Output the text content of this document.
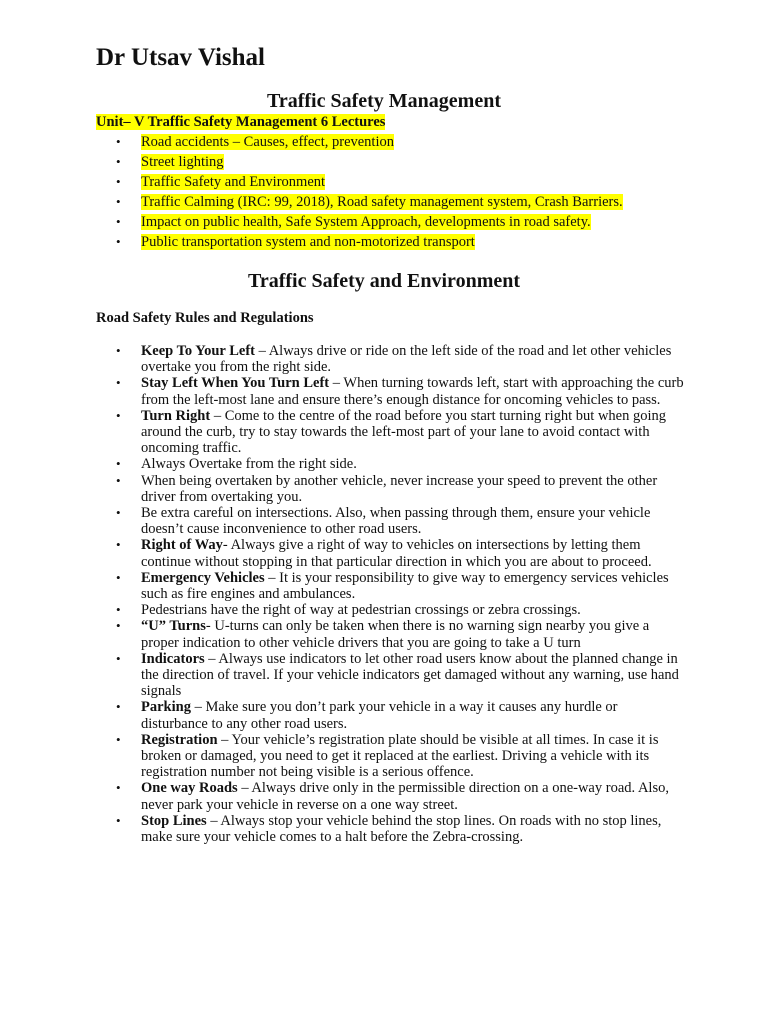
Dr Utsav Vishal
Traffic Safety Management
Unit– V Traffic Safety Management 6 Lectures
• Road accidents – Causes, effect, prevention
• Street lighting
• Traffic Safety and Environment
• Traffic Calming (IRC: 99, 2018), Road safety management system, Crash Barriers.
• Impact on public health, Safe System Approach, developments in road safety.
• Public transportation system and non-motorized transport
Traffic Safety and Environment
Road Safety Rules and Regulations
• Keep To Your Left – Always drive or ride on the left side of the road and let other vehicles overtake you from the right side.
• Stay Left When You Turn Left – When turning towards left, start with approaching the curb from the left-most lane and ensure there’s enough distance for oncoming vehicles to pass.
• Turn Right – Come to the centre of the road before you start turning right but when going around the curb, try to stay towards the left-most part of your lane to avoid contact with oncoming traffic.
• Always Overtake from the right side.
• When being overtaken by another vehicle, never increase your speed to prevent the other driver from overtaking you.
• Be extra careful on intersections. Also, when passing through them, ensure your vehicle doesn’t cause inconvenience to other road users.
• Right of Way- Always give a right of way to vehicles on intersections by letting them continue without stopping in that particular direction in which you are about to proceed.
• Emergency Vehicles – It is your responsibility to give way to emergency services vehicles such as fire engines and ambulances.
• Pedestrians have the right of way at pedestrian crossings or zebra crossings.
• “U” Turns- U-turns can only be taken when there is no warning sign nearby you give a proper indication to other vehicle drivers that you are going to take a U turn
• Indicators – Always use indicators to let other road users know about the planned change in the direction of travel. If your vehicle indicators get damaged without any warning, use hand signals
• Parking – Make sure you don’t park your vehicle in a way it causes any hurdle or disturbance to any other road users.
• Registration – Your vehicle’s registration plate should be visible at all times. In case it is broken or damaged, you need to get it replaced at the earliest. Driving a vehicle with its registration number not being visible is a serious offence.
• One way Roads – Always drive only in the permissible direction on a one-way road. Also, never park your vehicle in reverse on a one way street.
• Stop Lines – Always stop your vehicle behind the stop lines. On roads with no stop lines, make sure your vehicle comes to a halt before the Zebra-crossing.
